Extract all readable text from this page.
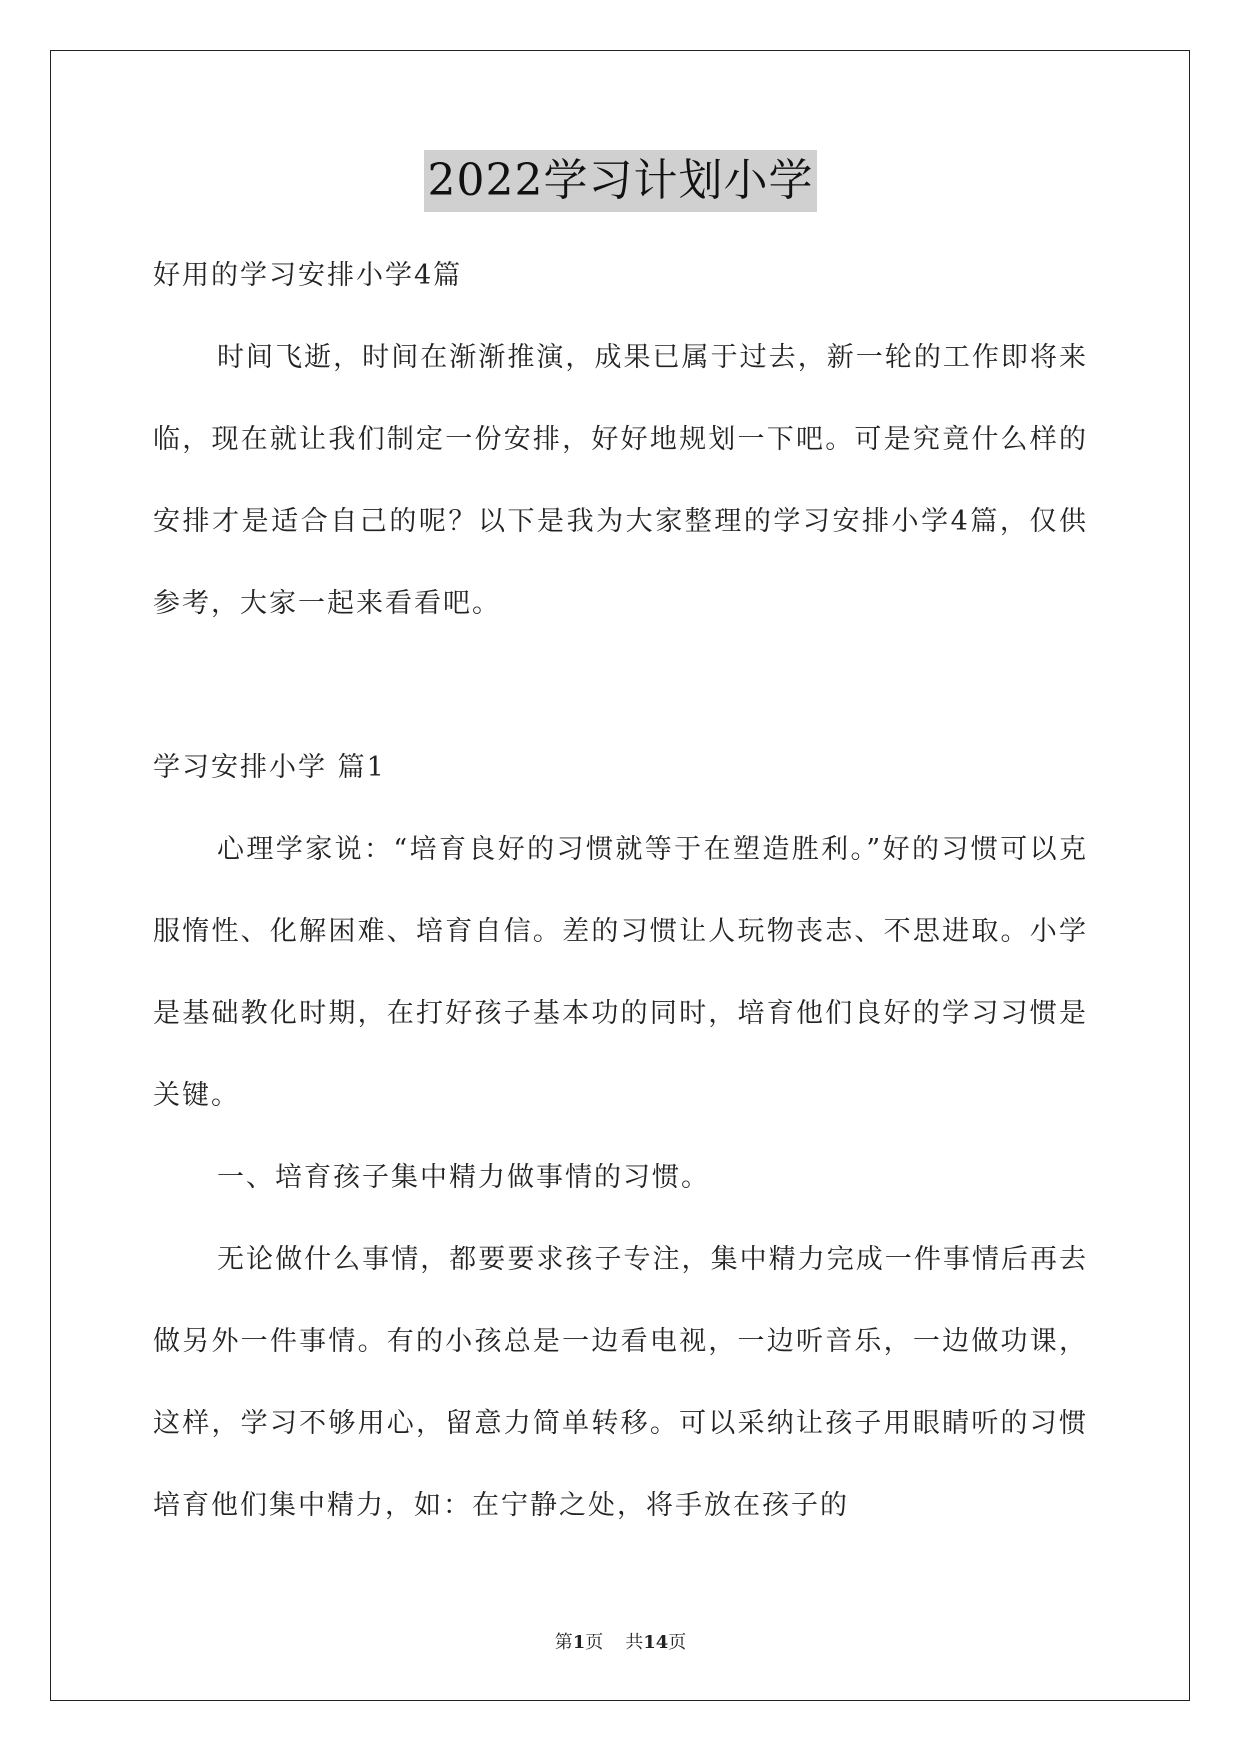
2022学习计划小学

好用的学习安排小学4篇

时间飞逝，时间在渐渐推演，成果已属于过去，新一轮的工作即将来临，现在就让我们制定一份安排，好好地规划一下吧。可是究竟什么样的安排才是适合自己的呢？以下是我为大家整理的学习安排小学4篇，仅供参考，大家一起来看看吧。

学习安排小学 篇1

心理学家说：“培育良好的习惯就等于在塑造胜利。”好的习惯可以克服惰性、化解困难、培育自信。差的习惯让人玩物丧志、不思进取。小学是基础教化时期，在打好孩子基本功的同时，培育他们良好的学习习惯是关键。

一、培育孩子集中精力做事情的习惯。

无论做什么事情，都要要求孩子专注，集中精力完成一件事情后再去做另外一件事情。有的小孩总是一边看电视，一边听音乐，一边做功课，这样，学习不够用心，留意力简单转移。可以采纳让孩子用眼睛听的习惯培育他们集中精力，如：在宁静之处，将手放在孩子的

第1页 共14页
